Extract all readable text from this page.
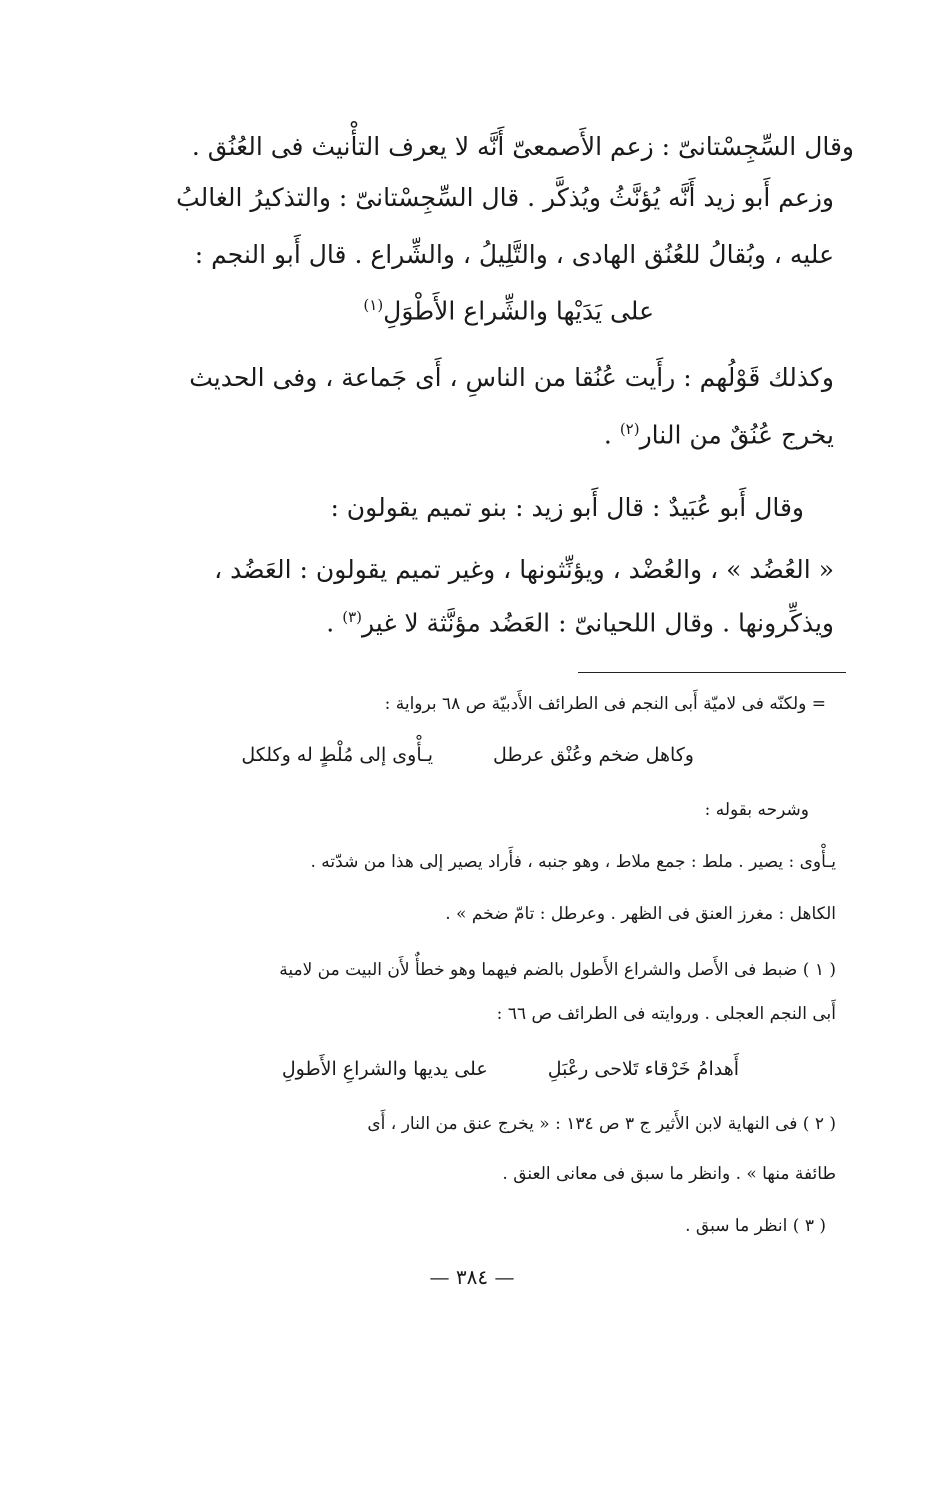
وقال السِّجِسْتانىّ : زعم الأَصمعىّ أَنَّه لا يعرف التأْنيث فى العُنُق .
وزعم أَبو زيد أَنَّه يُؤنَّثُ ويُذكَّر . قال السِّجِسْتانىّ : والتذكيرُ الغالبُ
عليه ، وبُقالُ للعُنُق الهادى ، والتَّلِيلُ ، والشِّراع . قال أَبو النجم :
على يَدَيْها والشِّراع الأَطْوَلِ$^{(١)}$
وكذلك قَوْلُهم : رأَيت عُنُقا من الناسِ ، أَى جَماعة ، وفى الحديث
يخرج عُنُقٌ من النار$^{(٢)}$ .
وقال أَبو عُبَيدٌ : قال أَبو زيد : بنو تميم يقولون :
« العُضُد » ، والعُضْد ، ويؤنِّثونها ، وغير تميم يقولون : العَضُد ،
ويذكِّرونها . وقال اللحيانىّ : العَضُد مؤنَّثة لا غير$^{(٣)}$ .
= ولكنّه فى لاميّة أَبى النجم فى الطرائف الأَدبيّة ص ٦٨ برواية :
يـأْوى إلى مُلْطٍ له وكلكل	وكاهل ضخم وعُنْق عرطل
وشرحه بقوله :
يـأْوى : يصير . ملط : جمع ملاط ، وهو جنبه ، فأَراد يصير إلى هذا من شدّته .
الكاهل : مغرز العنق فى الظهر . وعرطل : تامّ ضخم » .
( ١ ) ضبط فى الأَصل والشراع الأَطول بالضم فيهما وهو خطأٌ لأَن البيت من لامية
أَبى النجم العجلى . وروايته فى الطرائف ص ٦٦ :
على يديها والشراعِ الأَطولِ	أَهدامُ خَرْقاء تَلاحى رعْبَلِ
( ٢ ) فى النهاية لابن الأَثير ج ٣ ص ١٣٤ : « يخرج عنق من النار ، أَى
طائفة منها » . وانظر ما سبق فى معانى العنق .
( ٣ ) انظر ما سبق .
— ٣٨٤ —
